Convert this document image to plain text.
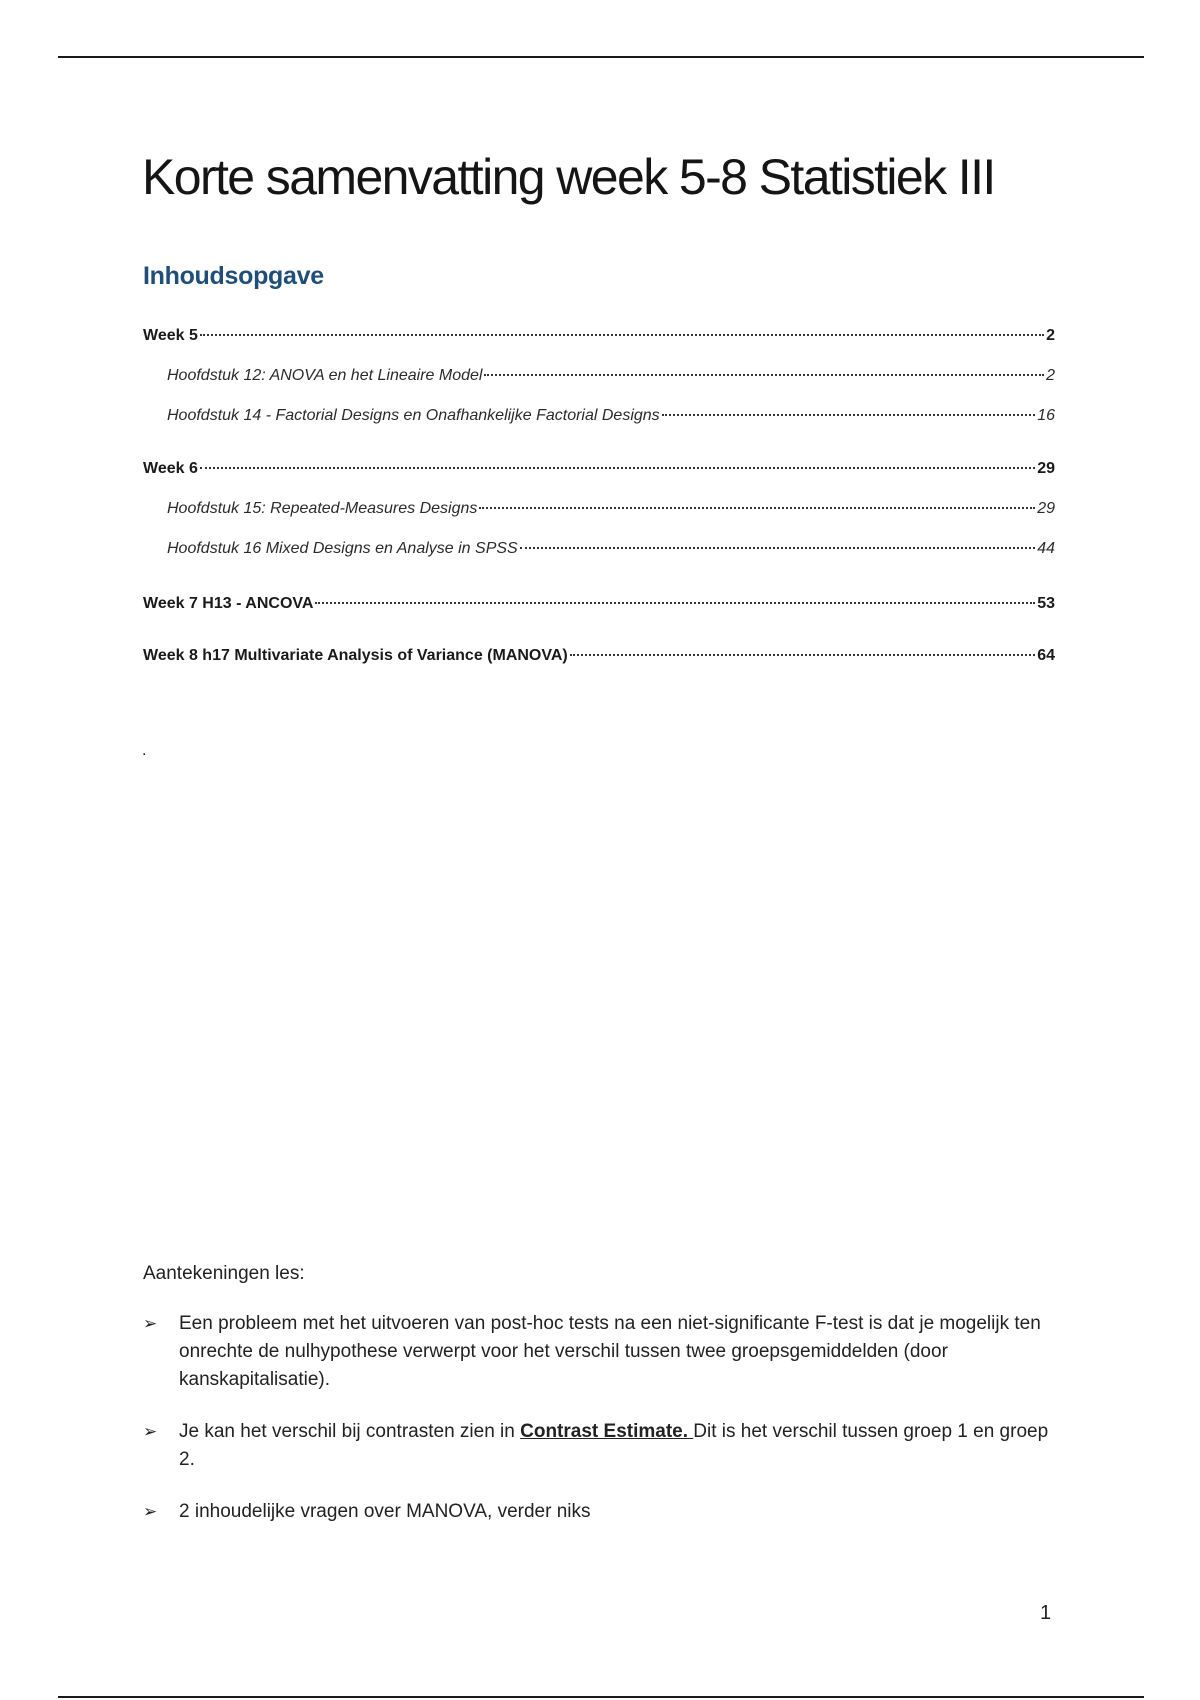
Korte samenvatting week 5-8 Statistiek III
Inhoudsopgave
Week 5	2
Hoofdstuk 12: ANOVA en het Lineaire Model	2
Hoofdstuk 14 - Factorial Designs en Onafhankelijke Factorial Designs	16
Week 6	29
Hoofdstuk 15: Repeated-Measures Designs	29
Hoofdstuk 16 Mixed Designs en Analyse in SPSS	44
Week 7 H13 - ANCOVA	53
Week 8 h17 Multivariate Analysis of Variance (MANOVA)	64
.
Aantekeningen les:
➢	Een probleem met het uitvoeren van post-hoc tests na een niet-significante F-test is dat je mogelijk ten onrechte de nulhypothese verwerpt voor het verschil tussen twee groepsgemiddelden (door kanskapitalisatie).
➢	Je kan het verschil bij contrasten zien in Contrast Estimate. Dit is het verschil tussen groep 1 en groep 2.
➢	2 inhoudelijke vragen over MANOVA, verder niks
1
